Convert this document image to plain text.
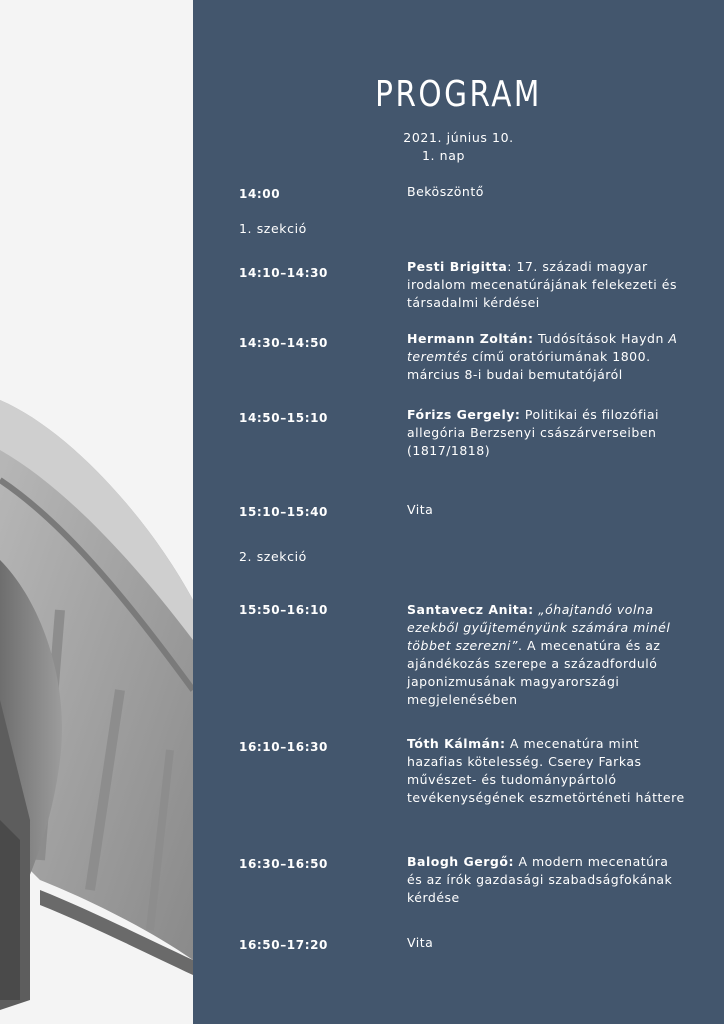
PROGRAM
2021. június 10.
1. nap
14:00	Beköszöntő
1. szekció
14:10–14:30	Pesti Brigitta: 17. századi magyar irodalom mecenatúrájának felekezeti és társadalmi kérdései
14:30–14:50	Hermann Zoltán: Tudósítások Haydn A teremtés című oratóriumának 1800. március 8-i budai bemutatójáról
14:50–15:10	Fórizs Gergely: Politikai és filozófiai allegória Berzsenyi császárverseiben (1817/1818)
15:10–15:40	Vita
2. szekció
15:50–16:10	Santavecz Anita: „óhajtandó volna ezekből gyűjteményünk számára minél többet szerezni”. A mecenatúra és az ajándékozás szerepe a századforduló japonizmusának magyarországi megjelenésében
16:10–16:30	Tóth Kálmán: A mecenatúra mint hazafias kötelesség. Cserey Farkas művészet- és tudománypártoló tevékenységének eszmetörténeti háttere
16:30–16:50	Balogh Gergő: A modern mecenatúra és az írók gazdasági szabadságfokának kérdése
16:50–17:20	Vita
